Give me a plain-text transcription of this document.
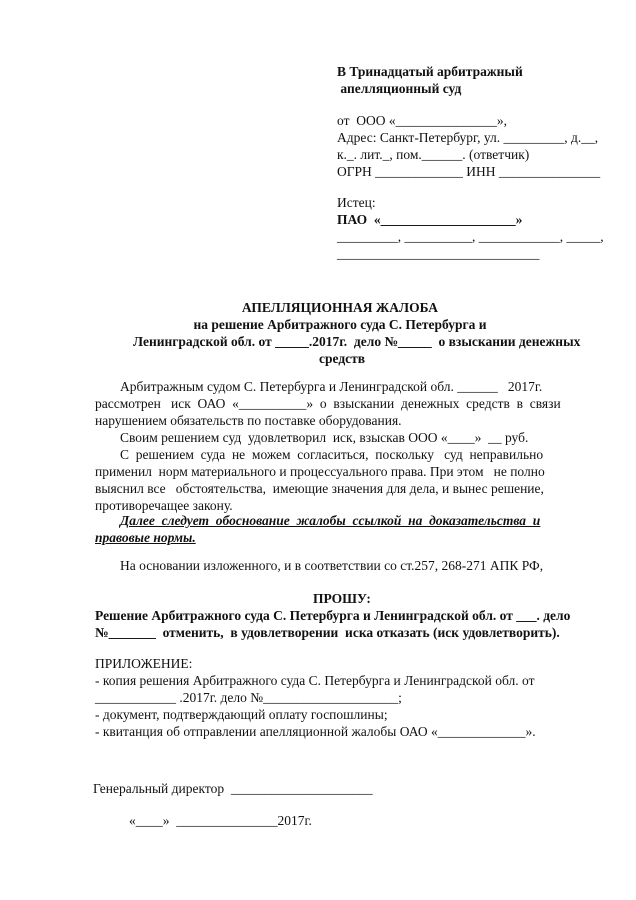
В Тринадцатый арбитражный
апелляционный суд
от  ООО «_______________»,
Адрес: Санкт-Петербург, ул. _________, д.__,
к._. лит._, пом.______. (ответчик)
ОГРН _____________ ИНН _______________
Истец:
ПАО  «____________________»
_________, __________, ____________, _____,
______________________________
АПЕЛЛЯЦИОННАЯ ЖАЛОБА
на решение Арбитражного суда С. Петербурга и
Ленинградской обл. от _____.2017г.  дело №_____  о взыскании денежных
средств
Арбитражным судом С. Петербурга и Ленинградской обл. ______   2017г.
рассмотрен   иск  ОАО  «__________»  о  взыскании  денежных  средств  в  связи
нарушением обязательств по поставке оборудования.
Своим решением суд  удовлетворил  иск, взыскав ООО «____»  __ руб.
С  решением  суда  не  можем  согласиться,  поскольку   суд  неправильно
применил  норм материального и процессуального права. При этом   не полно
выяснил все   обстоятельства,  имеющие значения для дела, и вынес решение,
противоречащее закону.
Далее  следует  обоснование  жалобы  ссылкой  на  доказательства  и
правовые нормы.
На основании изложенного, и в соответствии со ст.257, 268-271 АПК РФ,
ПРОШУ:
Решение Арбитражного суда С. Петербурга и Ленинградской обл. от ___. дело
№_______  отменить,  в удовлетворении  иска отказать (иск удовлетворить).
ПРИЛОЖЕНИЕ:
- копия решения Арбитражного суда С. Петербурга и Ленинградской обл. от
____________ .2017г. дело №____________________;
- документ, подтверждающий оплату госпошлины;
- квитанция об отправлении апелляционной жалобы ОАО «_____________».
Генеральный директор  _____________________
«____»  _______________2017г.
